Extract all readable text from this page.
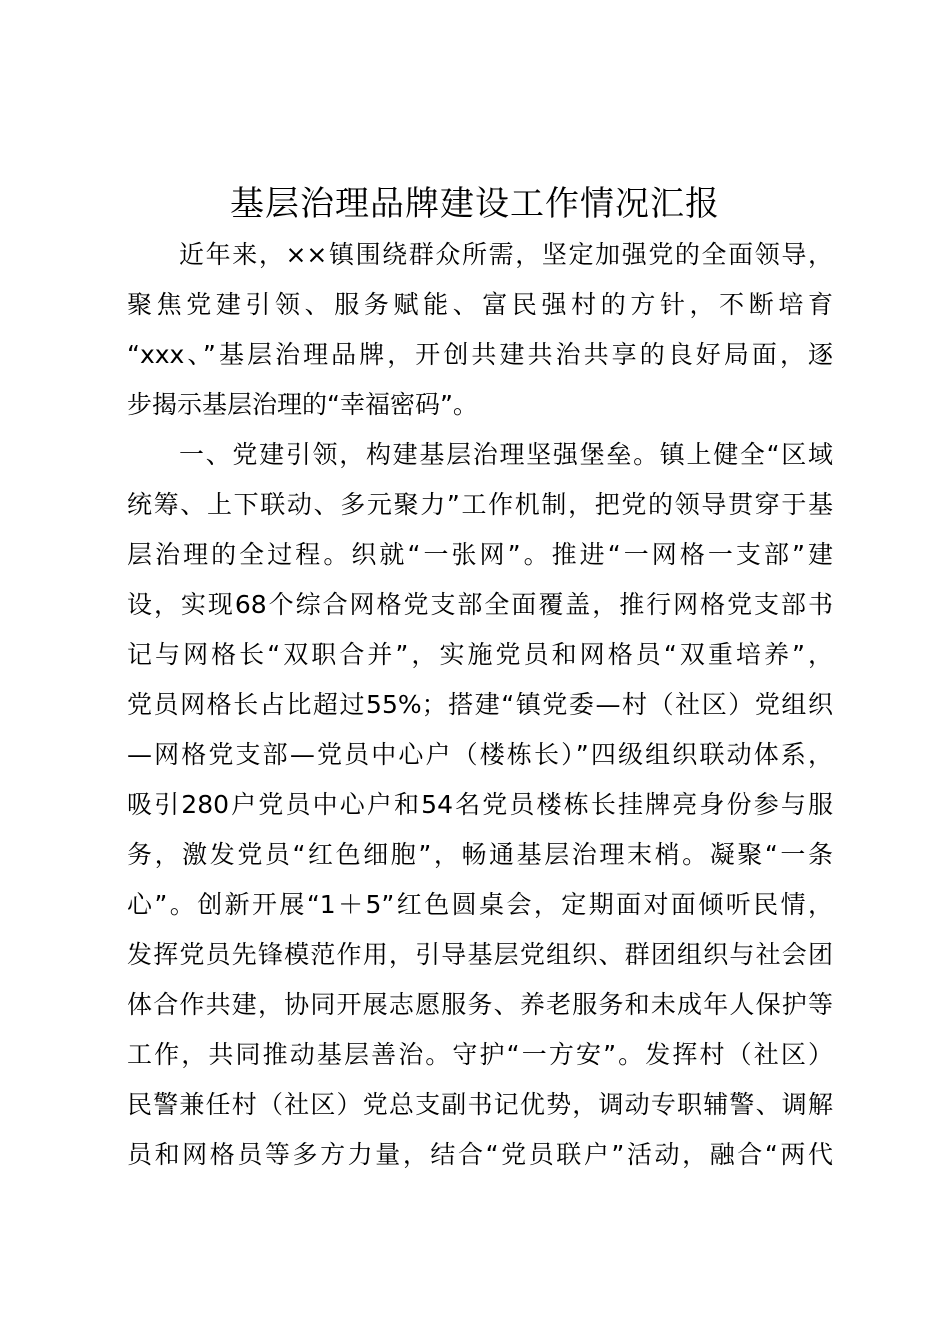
基层治理品牌建设工作情况汇报
近年来，××镇围绕群众所需，坚定加强党的全面领导，
聚焦党建引领、服务赋能、富民强村的方针，不断培育
“xxx、”基层治理品牌，开创共建共治共享的良好局面，逐
步揭示基层治理的“幸福密码”。
一、党建引领，构建基层治理坚强堡垒。镇上健全“区域
统筹、上下联动、多元聚力”工作机制，把党的领导贯穿于基
层治理的全过程。织就“一张网”。推进“一网格一支部”建
设，实现68个综合网格党支部全面覆盖，推行网格党支部书
记与网格长“双职合并”，实施党员和网格员“双重培养”，
党员网格长占比超过55%；搭建“镇党委—村（社区）党组织
—网格党支部—党员中心户（楼栋长）”四级组织联动体系，
吸引280户党员中心户和54名党员楼栋长挂牌亮身份参与服
务，激发党员“红色细胞”，畅通基层治理末梢。凝聚“一条
心”。创新开展“1＋5”红色圆桌会，定期面对面倾听民情，
发挥党员先锋模范作用，引导基层党组织、群团组织与社会团
体合作共建，协同开展志愿服务、养老服务和未成年人保护等
工作，共同推动基层善治。守护“一方安”。发挥村（社区）
民警兼任村（社区）党总支副书记优势，调动专职辅警、调解
员和网格员等多方力量，结合“党员联户”活动，融合“两代
